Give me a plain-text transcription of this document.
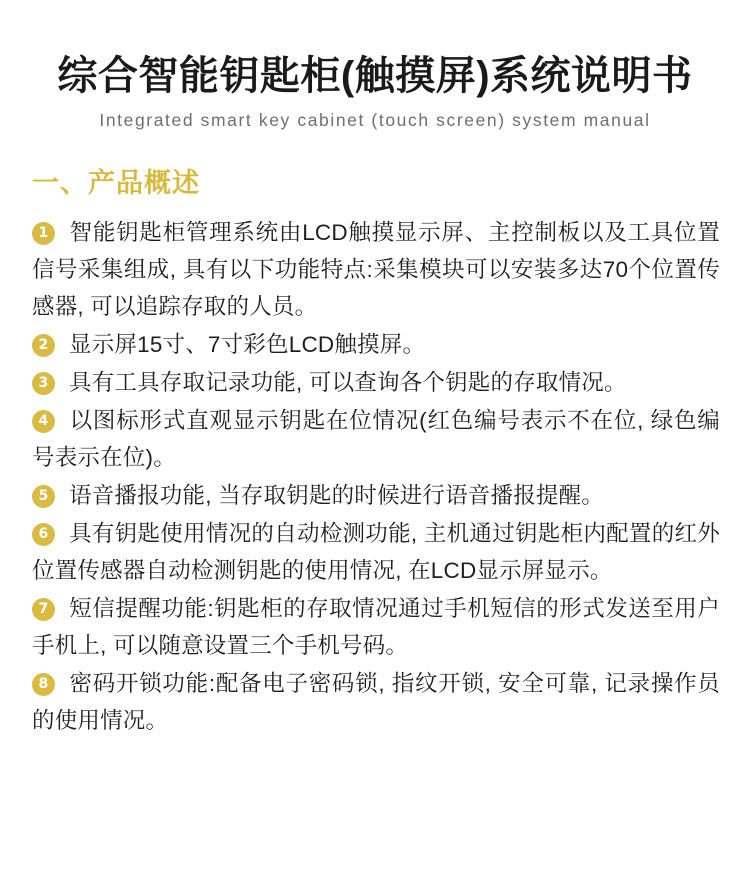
综合智能钥匙柜(触摸屏)系统说明书
Integrated smart key cabinet (touch screen) system manual
一、产品概述
1 智能钥匙柜管理系统由LCD触摸显示屏、主控制板以及工具位置信号采集组成, 具有以下功能特点:采集模块可以安装多达70个位置传感器, 可以追踪存取的人员。
2 显示屏15寸、7寸彩色LCD触摸屏。
3 具有工具存取记录功能, 可以查询各个钥匙的存取情况。
4 以图标形式直观显示钥匙在位情况(红色编号表示不在位, 绿色编号表示在位)。
5 语音播报功能, 当存取钥匙的时候进行语音播报提醒。
6 具有钥匙使用情况的自动检测功能, 主机通过钥匙柜内配置的红外位置传感器自动检测钥匙的使用情况, 在LCD显示屏显示。
7 短信提醒功能:钥匙柜的存取情况通过手机短信的形式发送至用户手机上, 可以随意设置三个手机号码。
8 密码开锁功能:配备电子密码锁, 指纹开锁, 安全可靠, 记录操作员的使用情况。
